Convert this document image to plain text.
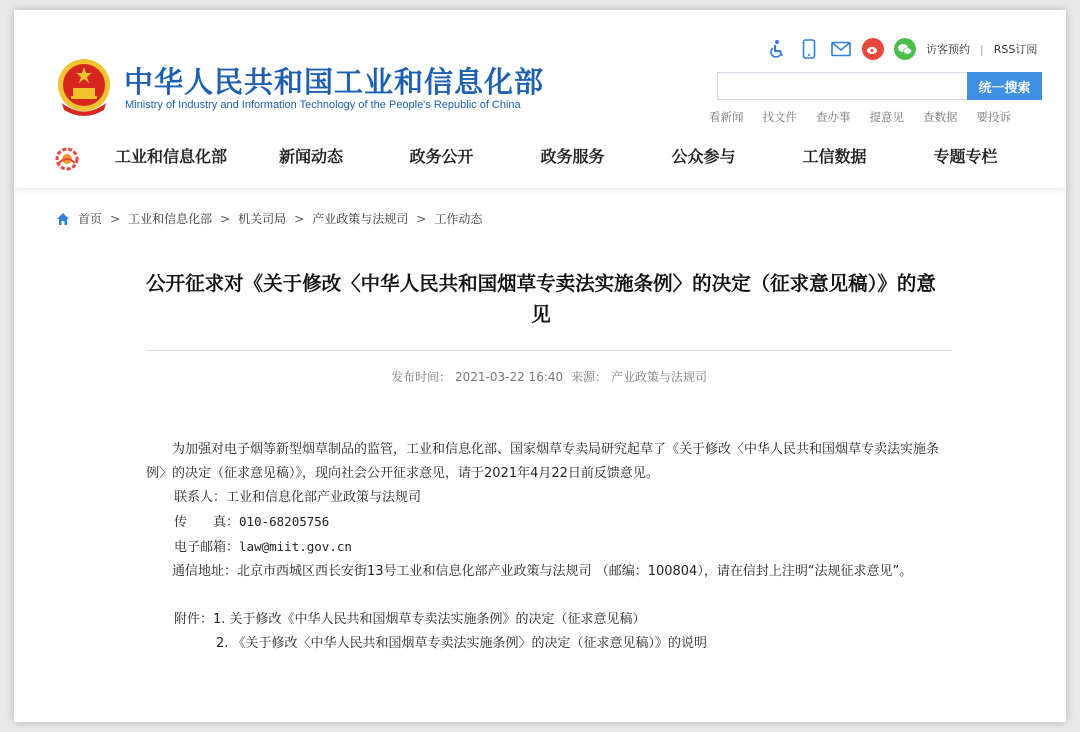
中华人民共和国工业和信息化部
Ministry of Industry and Information Technology of the People's Republic of China
访客预约 | RSS订阅
统一搜索
看新闻 找文件 查办事 提意见 查数据 要投诉
工业和信息化部	新闻动态	政务公开	政务服务	公众参与	工信数据	专题专栏
首页 > 工业和信息化部 > 机关司局 > 产业政策与法规司 > 工作动态
公开征求对《关于修改〈中华人民共和国烟草专卖法实施条例〉的决定（征求意见稿）》的意见
发布时间： 2021-03-22 16:40 来源： 产业政策与法规司

为加强对电子烟等新型烟草制品的监管，工业和信息化部、国家烟草专卖局研究起草了《关于修改〈中华人民共和国烟草专卖法实施条例〉的决定（征求意见稿）》，现向社会公开征求意见，请于2021年4月22日前反馈意见。

联系人：工业和信息化部产业政策与法规司

传　　真：010-68205756

电子邮箱：law@miit.gov.cn

通信地址：北京市西城区西长安街13号工业和信息化部产业政策与法规司 （邮编：100804），请在信封上注明“法规征求意见”。

附件：1. 关于修改《中华人民共和国烟草专卖法实施条例》的决定（征求意见稿）

2. 《关于修改〈中华人民共和国烟草专卖法实施条例〉的决定（征求意见稿）》的说明
